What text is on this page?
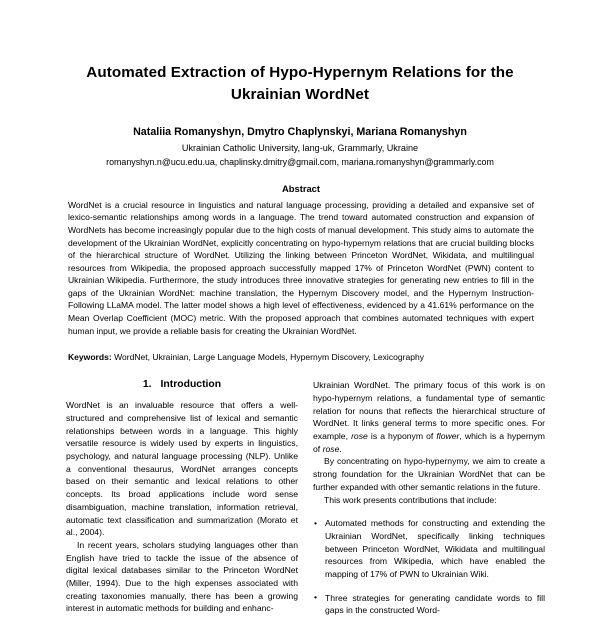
Automated Extraction of Hypo-Hypernym Relations for the Ukrainian WordNet

Nataliia Romanyshyn, Dmytro Chaplynskyi, Mariana Romanyshyn

Ukrainian Catholic University, lang-uk, Grammarly, Ukraine

romanyshyn.n@ucu.edu.ua, chaplinsky.dmitry@gmail.com, mariana.romanyshyn@grammarly.com

Abstract

WordNet is a crucial resource in linguistics and natural language processing, providing a detailed and expansive set of lexico-semantic relationships among words in a language. The trend toward automated construction and expansion of WordNets has become increasingly popular due to the high costs of manual development. This study aims to automate the development of the Ukrainian WordNet, explicitly concentrating on hypo-hypernym relations that are crucial building blocks of the hierarchical structure of WordNet. Utilizing the linking between Princeton WordNet, Wikidata, and multilingual resources from Wikipedia, the proposed approach successfully mapped 17% of Princeton WordNet (PWN) content to Ukrainian Wikipedia. Furthermore, the study introduces three innovative strategies for generating new entries to fill in the gaps of the Ukrainian WordNet: machine translation, the Hypernym Discovery model, and the Hypernym Instruction-Following LLaMA model. The latter model shows a high level of effectiveness, evidenced by a 41.61% performance on the Mean Overlap Coefficient (MOC) metric. With the proposed approach that combines automated techniques with expert human input, we provide a reliable basis for creating the Ukrainian WordNet.

Keywords: WordNet, Ukrainian, Large Language Models, Hypernym Discovery, Lexicography

1. Introduction

WordNet is an invaluable resource that offers a well-structured and comprehensive list of lexical and semantic relationships between words in a language. This highly versatile resource is widely used by experts in linguistics, psychology, and natural language processing (NLP). Unlike a conventional thesaurus, WordNet arranges concepts based on their semantic and lexical relations to other concepts. Its broad applications include word sense disambiguation, machine translation, information retrieval, automatic text classification and summarization (Morato et al., 2004).

In recent years, scholars studying languages other than English have tried to tackle the issue of the absence of digital lexical databases similar to the Princeton WordNet (Miller, 1994). Due to the high expenses associated with creating taxonomies manually, there has been a growing interest in automatic methods for building and enhanc-

Ukrainian WordNet. The primary focus of this work is on hypo-hypernym relations, a fundamental type of semantic relation for nouns that reflects the hierarchical structure of WordNet. It links general terms to more specific ones. For example, rose is a hyponym of flower, which is a hypernym of rose.

By concentrating on hypo-hypernymy, we aim to create a strong foundation for the Ukrainian WordNet that can be further expanded with other semantic relations in the future.

This work presents contributions that include:

• Automated methods for constructing and extending the Ukrainian WordNet, specifically linking techniques between Princeton WordNet, Wikidata and multilingual resources from Wikipedia, which have enabled the mapping of 17% of PWN to Ukrainian Wiki.
• Three strategies for generating candidate words to fill gaps in the constructed Word-
